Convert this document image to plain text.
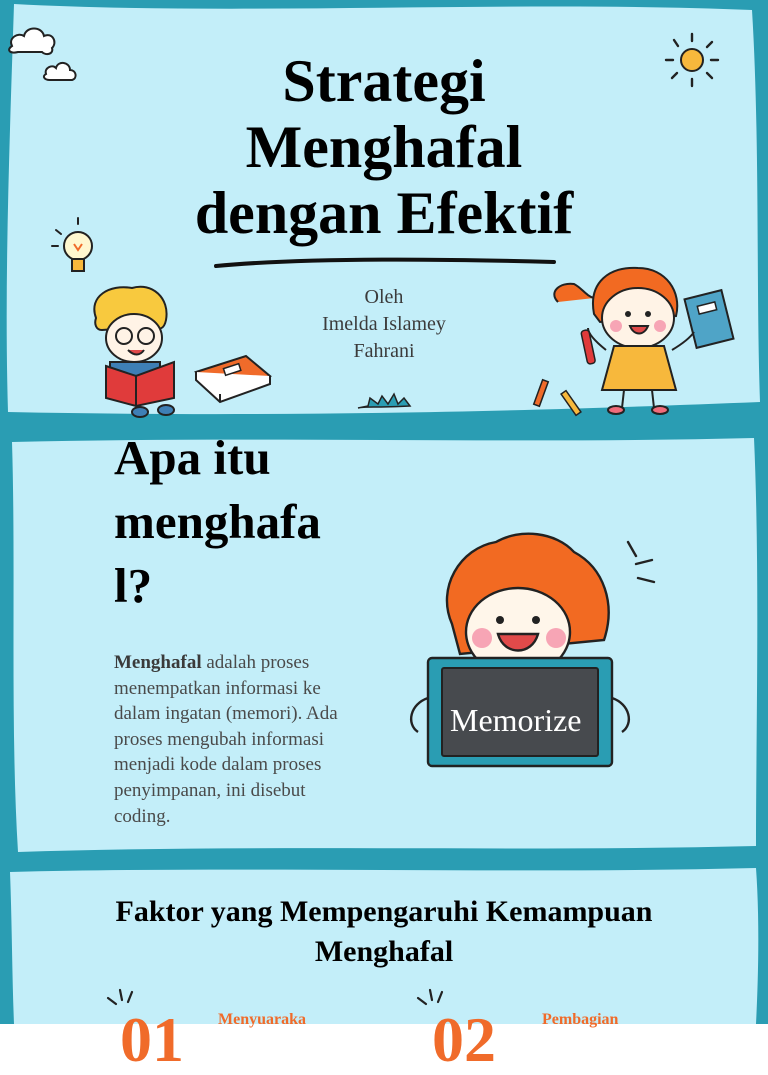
Strategi
Menghafal
dengan Efektif
Oleh
Imelda Islamey
Fahrani
Apa itu
menghafa
l?
Menghafal adalah proses menempatkan informasi ke dalam ingatan (memori). Ada proses mengubah informasi menjadi kode dalam proses penyimpanan, ini disebut coding.
Memorize
Faktor yang Mempengaruhi Kemampuan
Menghafal
01 Menyuaraka 02	Pembagian
